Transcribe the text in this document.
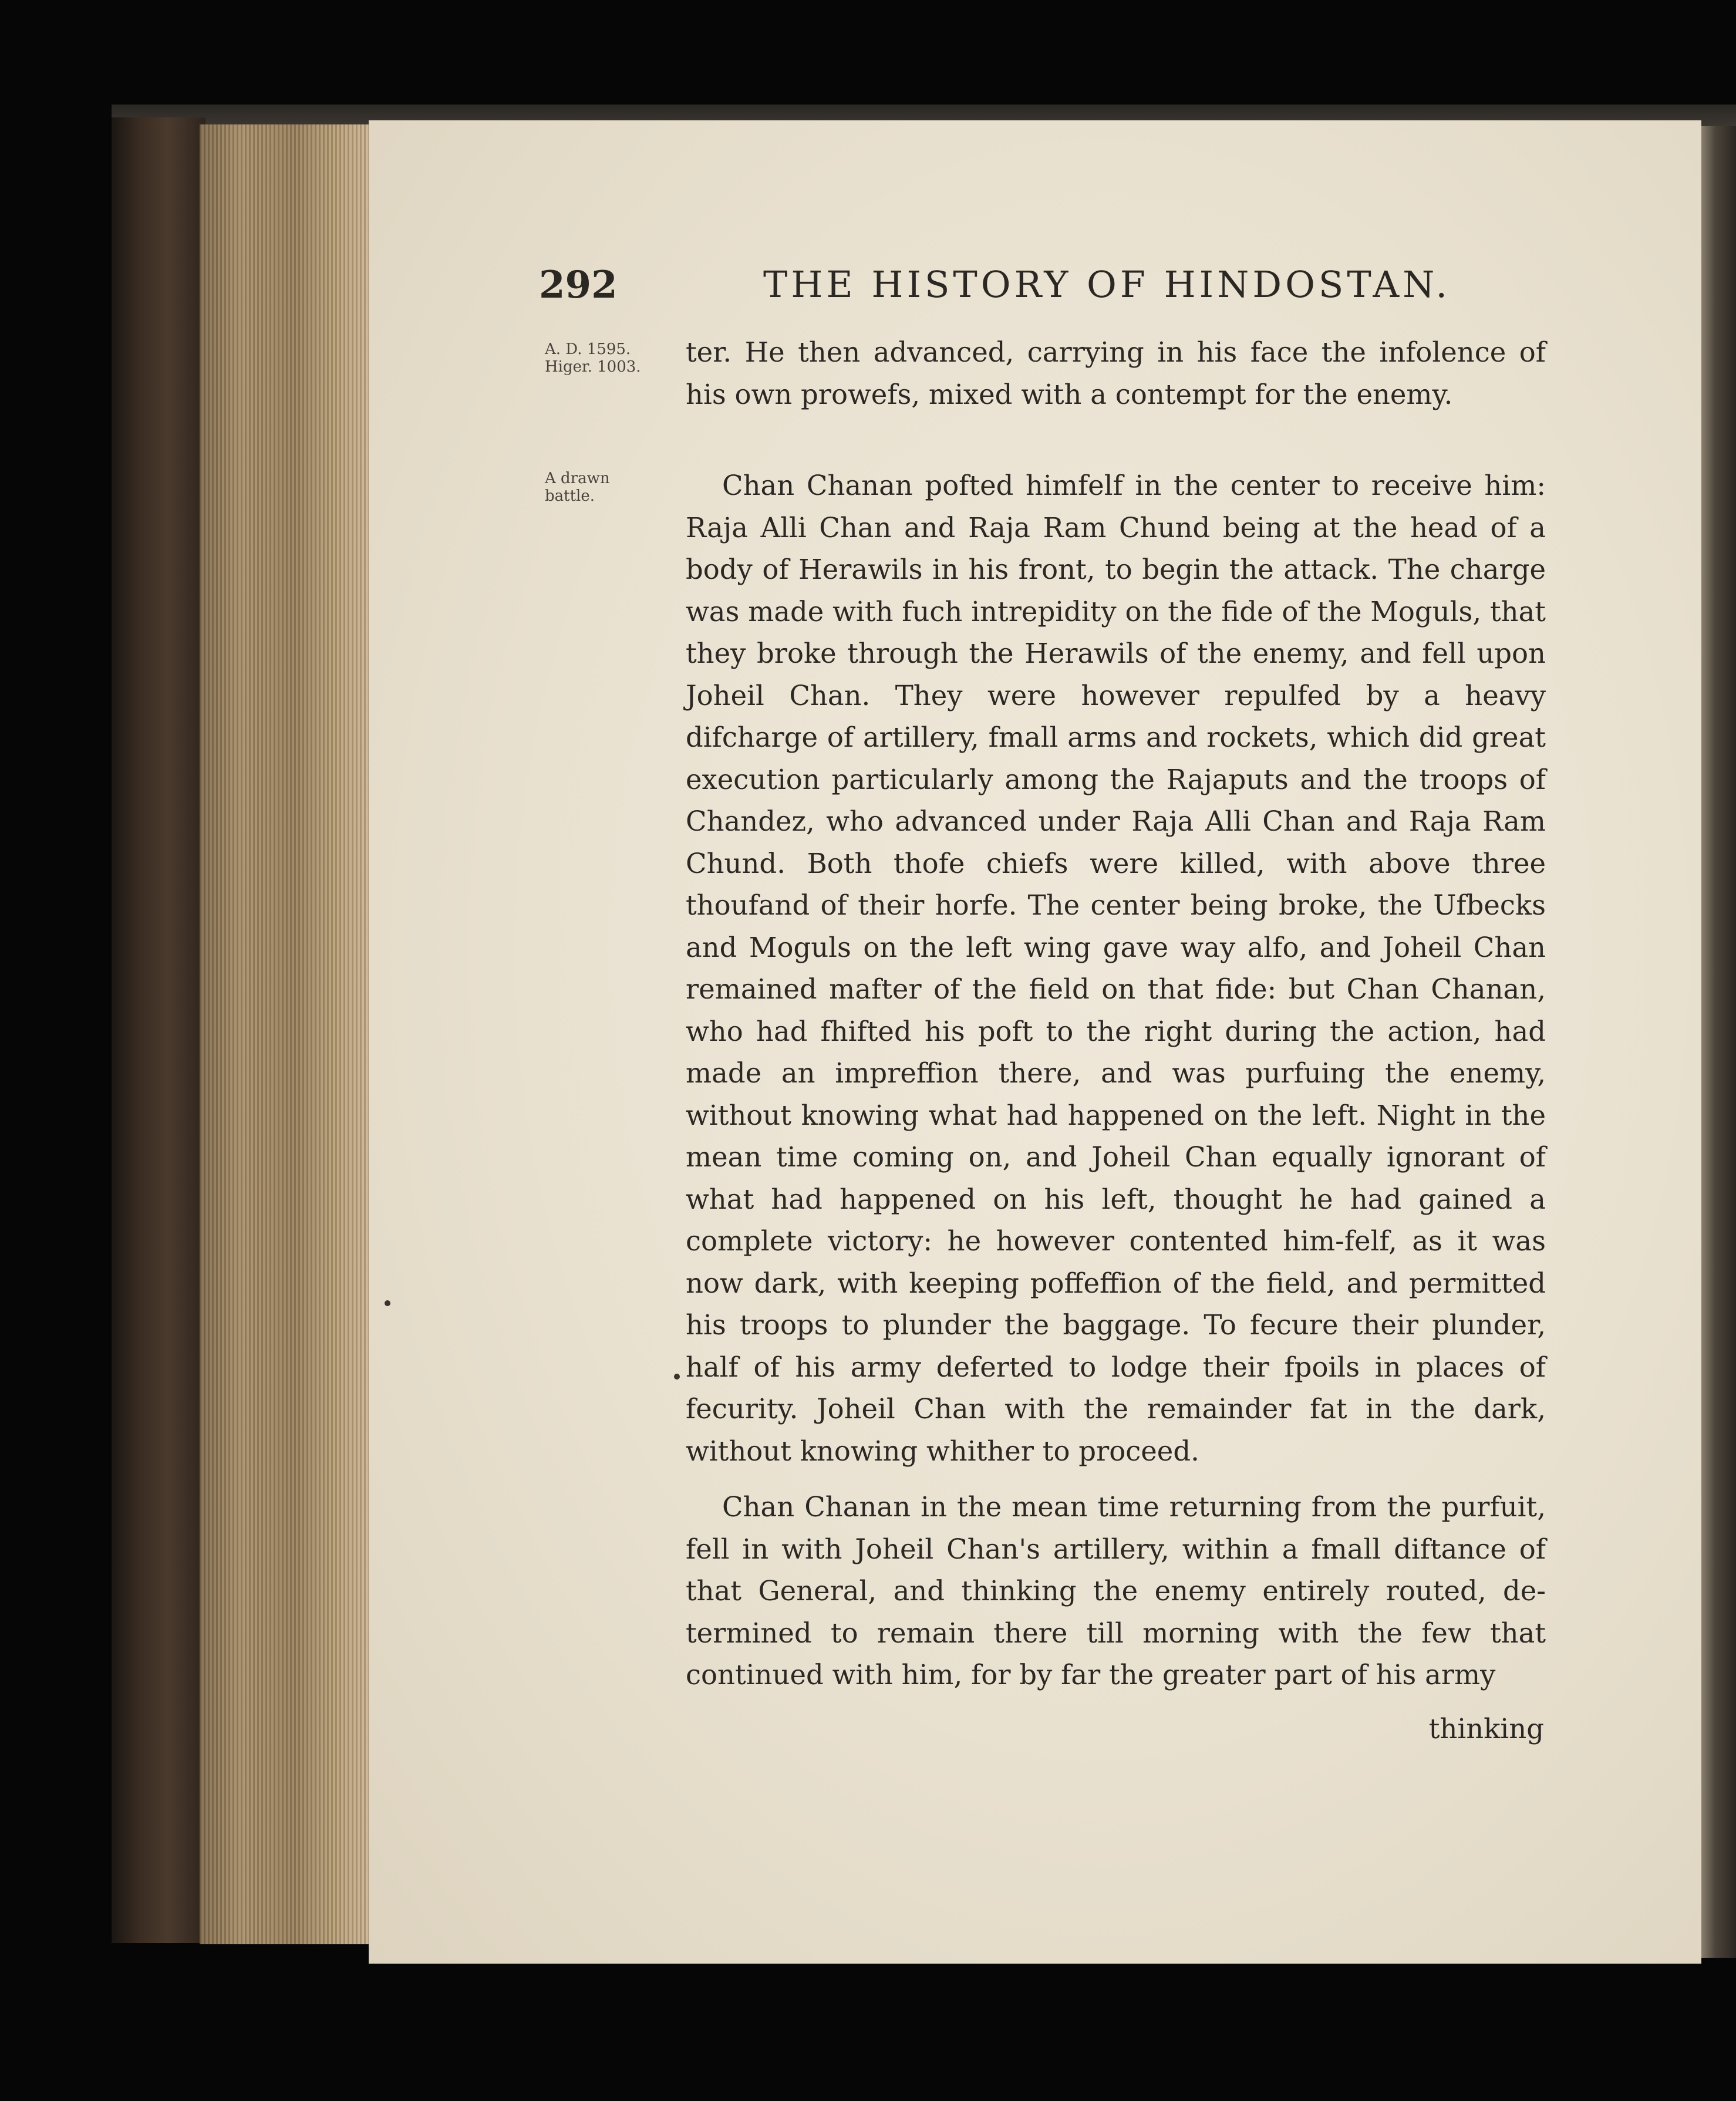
292	THE HISTORY OF HINDOSTAN.
A. D. 1595.
Higer. 1003.
A drawn
battle.

ter. He then advanced, carrying in his face the infolence of his own prowefs, mixed with a contempt for the enemy.

Chan Chanan pofted himfelf in the center to receive him: Raja Alli Chan and Raja Ram Chund being at the head of a body of Herawils in his front, to begin the attack. The charge was made with fuch intrepidity on the fide of the Moguls, that they broke through the Herawils of the enemy, and fell upon Joheil Chan. They were however repulfed by a heavy difcharge of artillery, fmall arms and rockets, which did great execution particularly among the Rajaputs and the troops of Chandez, who advanced under Raja Alli Chan and Raja Ram Chund. Both thofe chiefs were killed, with above three thoufand of their horfe. The center being broke, the Ufbecks and Moguls on the left wing gave way alfo, and Joheil Chan remained mafter of the field on that fide: but Chan Chanan, who had fhifted his poft to the right during the action, had made an impreffion there, and was purfuing the enemy, without knowing what had happened on the left. Night in the mean time coming on, and Joheil Chan equally ignorant of what had happened on his left, thought he had gained a complete victory: he however contented him-felf, as it was now dark, with keeping poffeffion of the field, and permitted his troops to plunder the baggage. To fecure their plunder, half of his army deferted to lodge their fpoils in places of fecurity. Joheil Chan with the remainder fat in the dark, without knowing whither to proceed.

Chan Chanan in the mean time returning from the purfuit, fell in with Joheil Chan's artillery, within a fmall diftance of that General, and thinking the enemy entirely routed, de-termined to remain there till morning with the few that continued with him, for by far the greater part of his army

thinking
